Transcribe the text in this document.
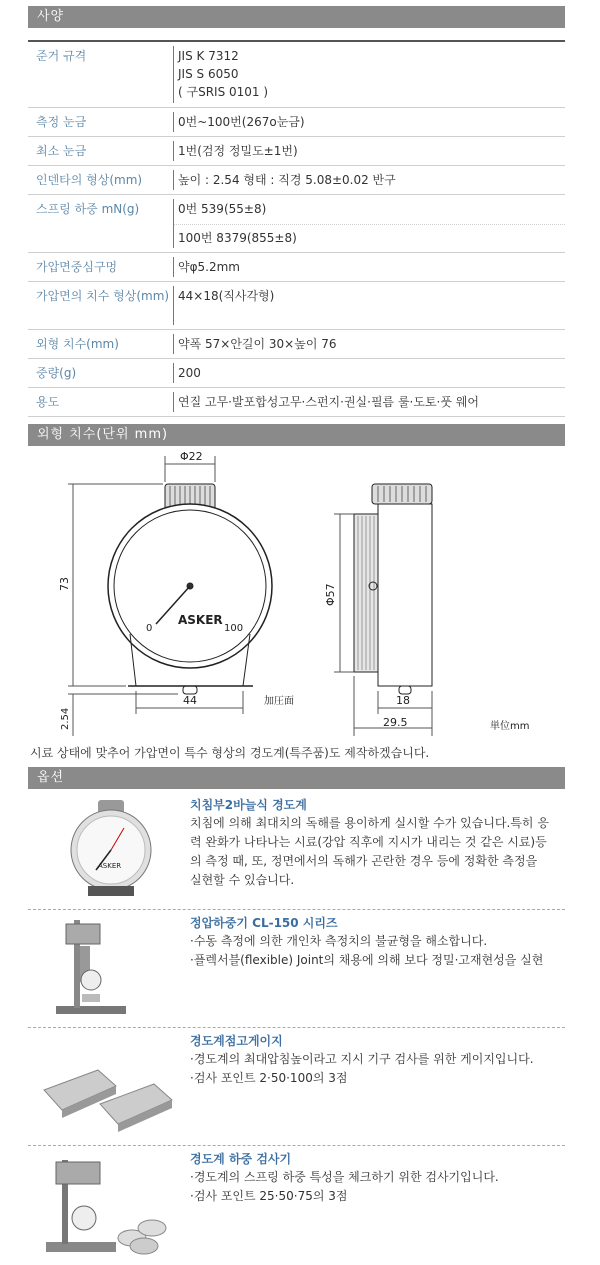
사양
준거 규격	JIS K 7312
JIS S 6050
( 구SRIS 0101 )
측정 눈금	0번~100번(267o눈금)
최소 눈금	1번(검정 정밀도±1번)
인덴타의 형상(mm)	높이 : 2.54 형태 : 직경 5.08±0.02 반구
스프링 하중 mN(g)	0번 539(55±8)
100번 8379(855±8)
가압면중심구멍	약φ5.2mm
가압면의 치수 형상(mm) 44×18(직사각형)
외형 치수(mm)	약폭 57×안길이 30×높이 76
중량(g)	200
용도	연질 고무·발포합성고무·스펀지·권실·필름 룰·도토·풋 웨어
외형 치수(단위 mm)
Φ22
73
2.54
44	加圧面
ASKER
0	100
Φ57
18
29.5	単位mm
시료 상태에 맞추어 가압면이 특수 형상의 경도계(특주품)도 제작하겠습니다.
옵션
ASKER
치침부2바늘식 경도계
치침에 의해 최대치의 독해를 용이하게 실시할 수가 있습니다.특히 응
력 완화가 나타나는 시료(강압 직후에 지시가 내리는 것 같은 시료)등
의 측정 때, 또, 정면에서의 독해가 곤란한 경우 등에 정확한 측정을
실현할 수 있습니다.
정압하중기 CL-150 시리즈
·수동 측정에 의한 개인차 측정치의 불균형을 해소합니다.
·플렉서블(flexible) Joint의 채용에 의해 보다 정밀·고재현성을 실현
경도계점고게이지
·경도계의 최대압침높이라고 지시 기구 검사를 위한 게이지입니다.
·검사 포인트 2·50·100의 3점
경도계 하중 검사기
·경도계의 스프링 하중 특성을 체크하기 위한 검사기입니다.
·검사 포인트 25·50·75의 3점
